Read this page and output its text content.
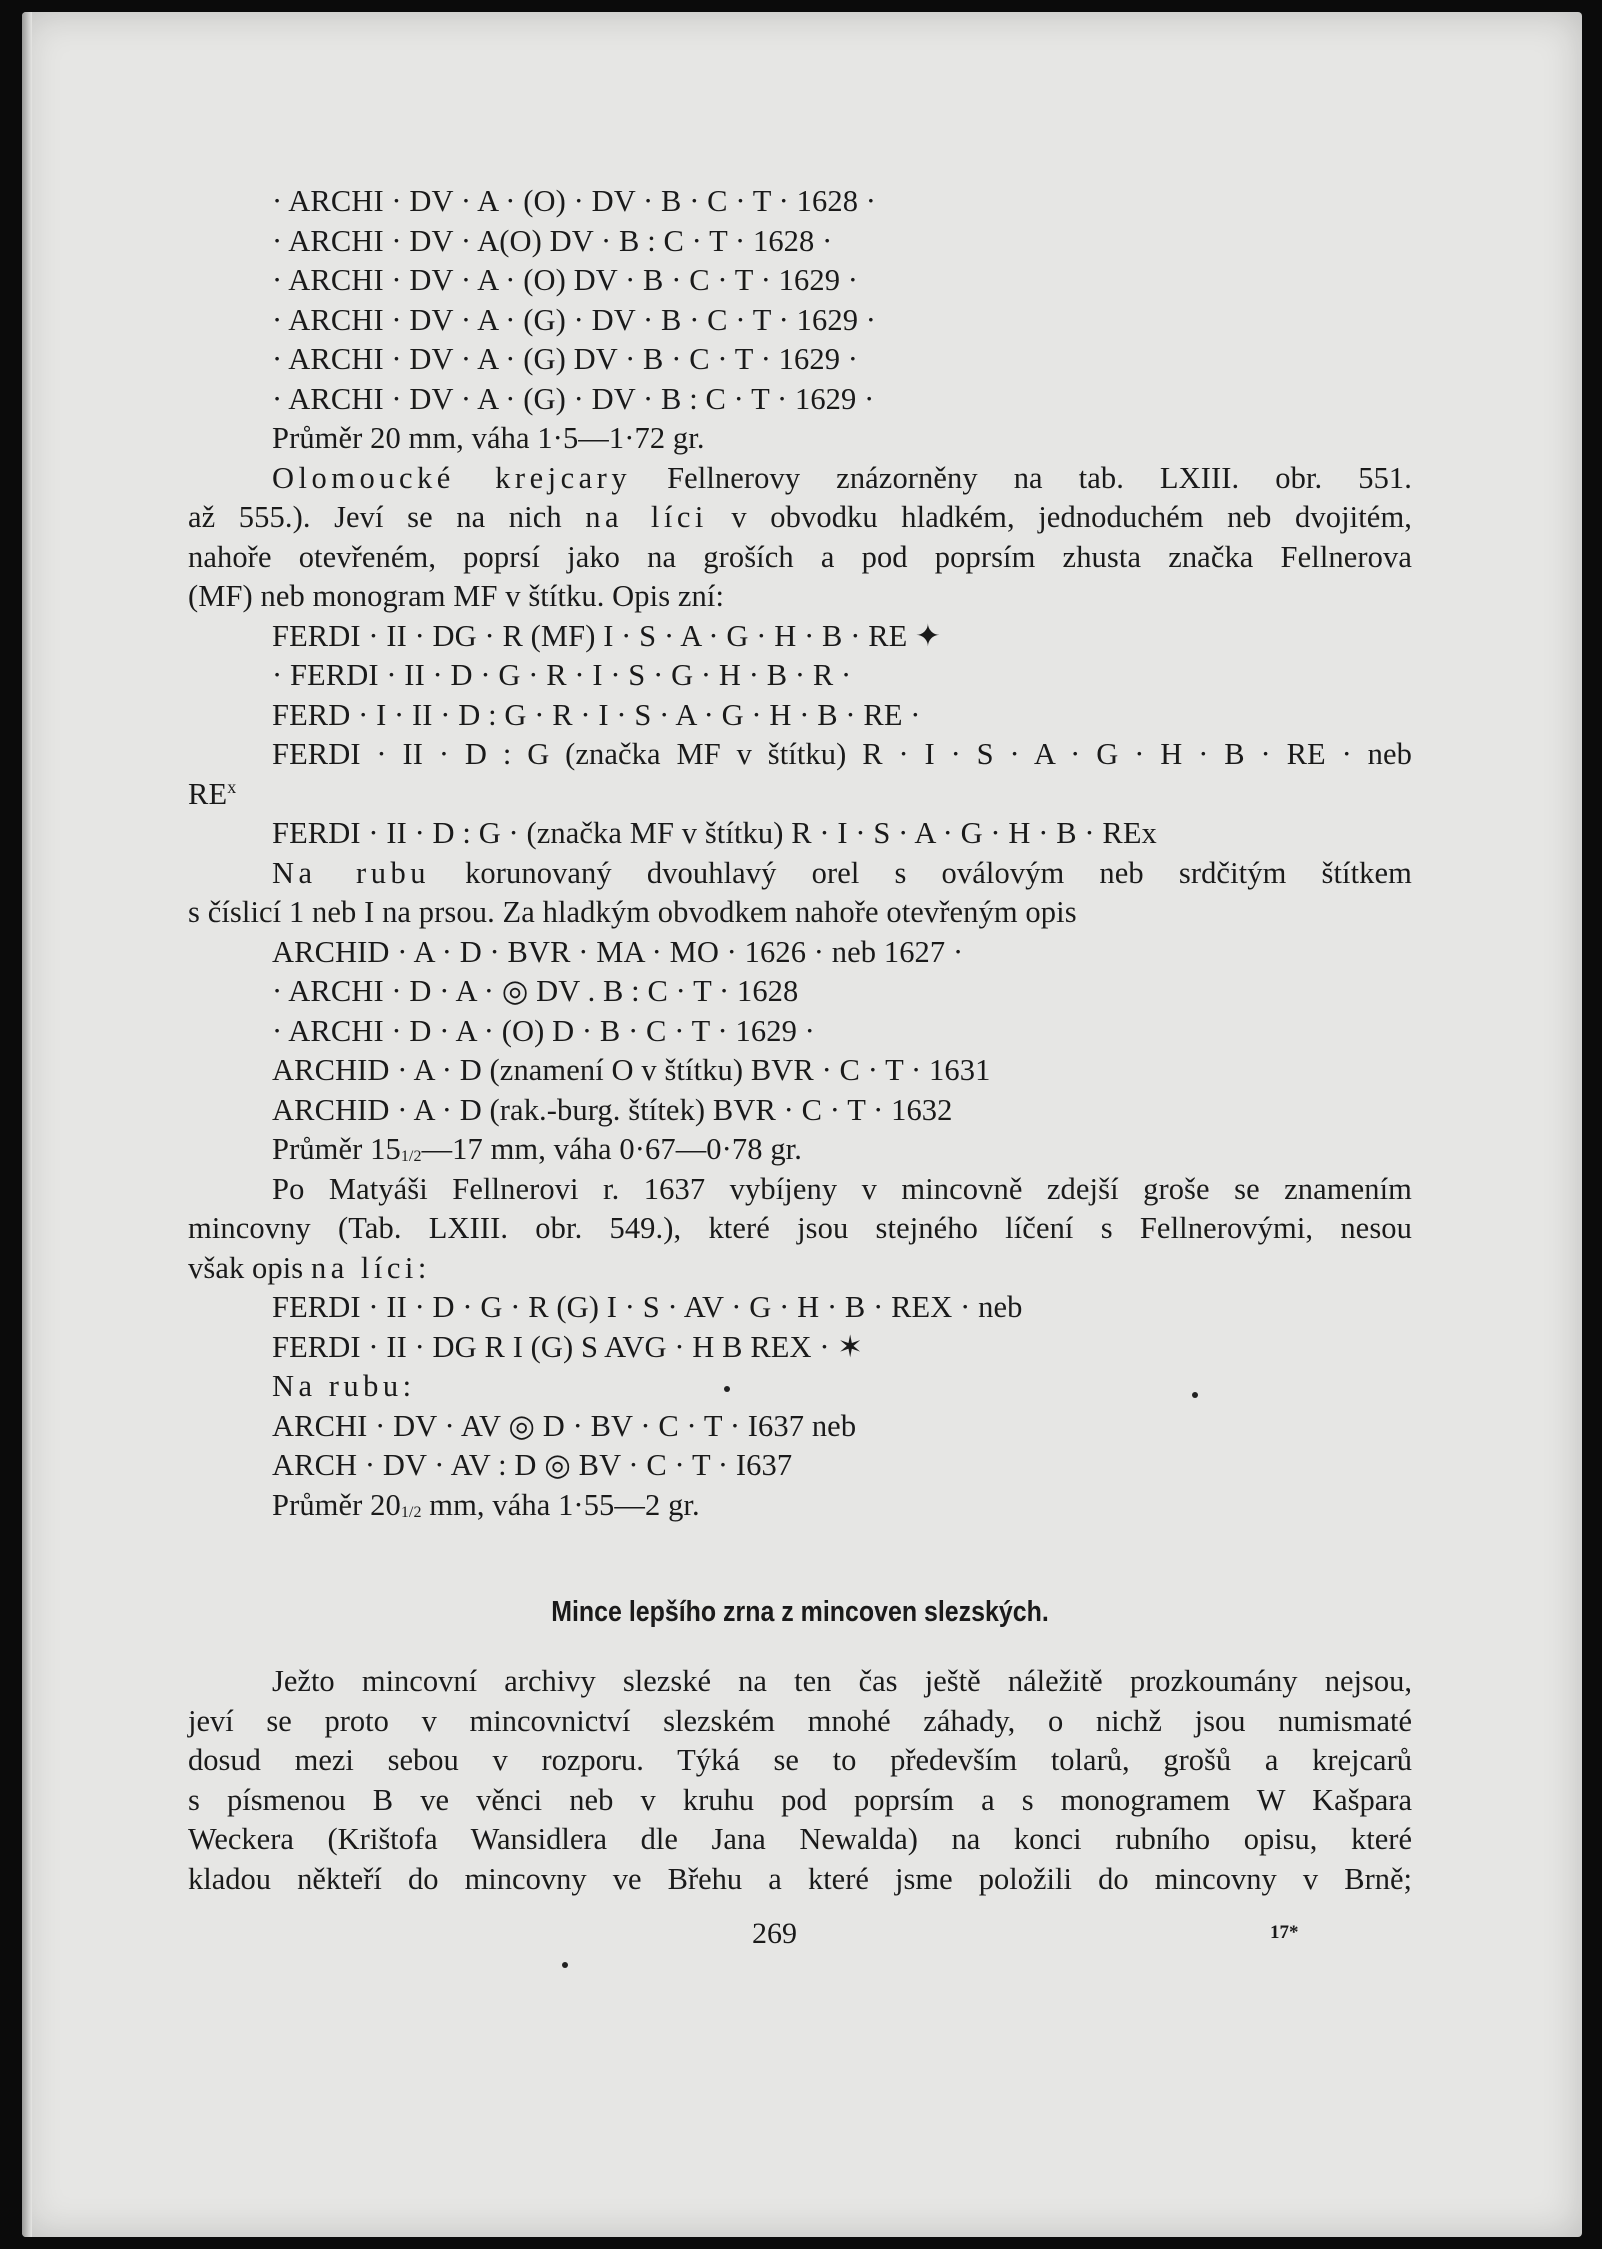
· ARCHI · DV · A · (O) · DV · B · C · T · 1628 ·
· ARCHI · DV · A(O) DV · B : C · T · 1628 ·
· ARCHI · DV · A · (O) DV · B · C · T · 1629 ·
· ARCHI · DV · A · (G) · DV · B · C · T · 1629 ·
· ARCHI · DV · A · (G) DV · B · C · T · 1629 ·
· ARCHI · DV · A · (G) · DV · B : C · T · 1629 ·
Průměr 20 mm, váha 1·5—1·72 gr.
Olomoucké krejcary Fellnerovy znázorněny na tab. LXIII. obr. 551.
až 555.). Jeví se na nich na líci v obvodku hladkém, jednoduchém neb dvojitém,
nahoře otevřeném, poprsí jako na groších a pod poprsím zhusta značka Fellnerova
(MF) neb monogram MF v štítku. Opis zní:
FERDI · II · DG · R (MF) I · S · A · G · H · B · RE ✦
· FERDI · II · D · G · R · I · S · G · H · B · R ·
FERD · I · II · D : G · R · I · S · A · G · H · B · RE ·
FERDI · II · D : G (značka MF v štítku) R · I · S · A · G · H · B · RE · neb
$RE^x$
FERDI · II · D : G · (značka MF v štítku) R · I · S · A · G · H · B · REx
Na rubu korunovaný dvouhlavý orel s oválovým neb srdčitým štítkem
s číslicí 1 neb I na prsou. Za hladkým obvodkem nahoře otevřeným opis
ARCHID · A · D · BVR · MA · MO · 1626 · neb 1627 ·
· ARCHI · D · A · ◎ DV . B : C · T · 1628
· ARCHI · D · A · (O) D · B · C · T · 1629 ·
ARCHID · A · D (znamení O v štítku) BVR · C · T · 1631
ARCHID · A · D (rak.-burg. štítek) BVR · C · T · 1632
Průměr 151/2—17 mm, váha 0·67—0·78 gr.
Po Matyáši Fellnerovi r. 1637 vybíjeny v mincovně zdejší groše se znamením
mincovny (Tab. LXIII. obr. 549.), které jsou stejného líčení s Fellnerovými, nesou
však opis na líci:
FERDI · II · D · G · R (G) I · S · AV · G · H · B · REX · neb
FERDI · II · DG R I (G) S AVG · H B REX · ✶
Na rubu:
ARCHI · DV · AV ◎ D · BV · C · T · I637 neb
ARCH · DV · AV : D ◎ BV · C · T · I637
Průměr 201/2 mm, váha 1·55—2 gr.
Mince lepšího zrna z mincoven slezských.
Ježto mincovní archivy slezské na ten čas ještě náležitě prozkoumány nejsou,
jeví se proto v mincovnictví slezském mnohé záhady, o nichž jsou numismaté
dosud mezi sebou v rozporu. Týká se to především tolarů, grošů a krejcarů
s písmenou B ve věnci neb v kruhu pod poprsím a s monogramem W Kašpara
Weckera (Krištofa Wansidlera dle Jana Newalda) na konci rubního opisu, které
kladou někteří do mincovny ve Břehu a které jsme položili do mincovny v Brně;
269	17*
